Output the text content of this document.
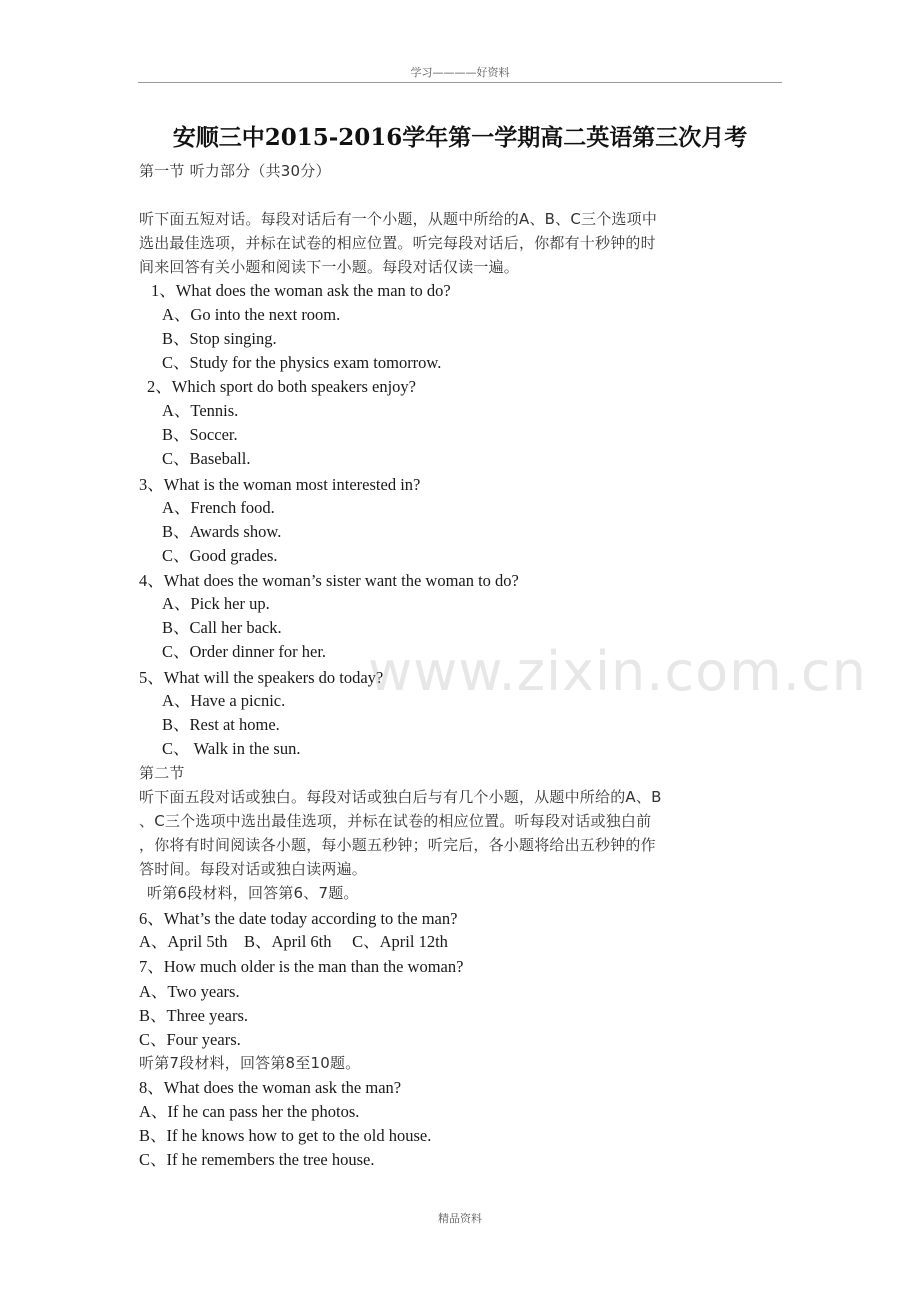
学习————好资料
安顺三中2015-2016学年第一学期高二英语第三次月考
第一节 听力部分（共30分）
听下面五短对话。每段对话后有一个小题，从题中所给的A、B、C三个选项中
选出最佳选项，并标在试卷的相应位置。听完每段对话后，你都有十秒钟的时
间来回答有关小题和阅读下一小题。每段对话仅读一遍。
1、What does the woman ask the man to do?
A、Go into the next room.
B、Stop singing.
C、Study for the physics exam tomorrow.
2、Which sport do both speakers enjoy?
A、Tennis.
B、Soccer.
C、Baseball.
3、What is the woman most interested in?
A、French food.
B、Awards show.
C、Good grades.
4、What does the woman’s sister want the woman to do?
A、Pick her up.
B、Call her back.
C、Order dinner for her.
5、What will the speakers do today?
A、Have a picnic.
B、Rest at home.
C、 Walk in the sun.
第二节
听下面五段对话或独白。每段对话或独白后与有几个小题，从题中所给的A、B
、C三个选项中选出最佳选项，并标在试卷的相应位置。听每段对话或独白前
，你将有时间阅读各小题，每小题五秒钟；听完后，各小题将给出五秒钟的作
答时间。每段对话或独白读两遍。
听第6段材料，回答第6、7题。
6、What’s the date today according to the man?
A、April 5th    B、April 6th     C、April 12th
7、How much older is the man than the woman?
A、Two years.
B、Three years.
C、Four years.
听第7段材料，回答第8至10题。
8、What does the woman ask the man?
A、If he can pass her the photos.
B、If he knows how to get to the old house.
C、If he remembers the tree house.
www.zixin.com.cn
精品资料
